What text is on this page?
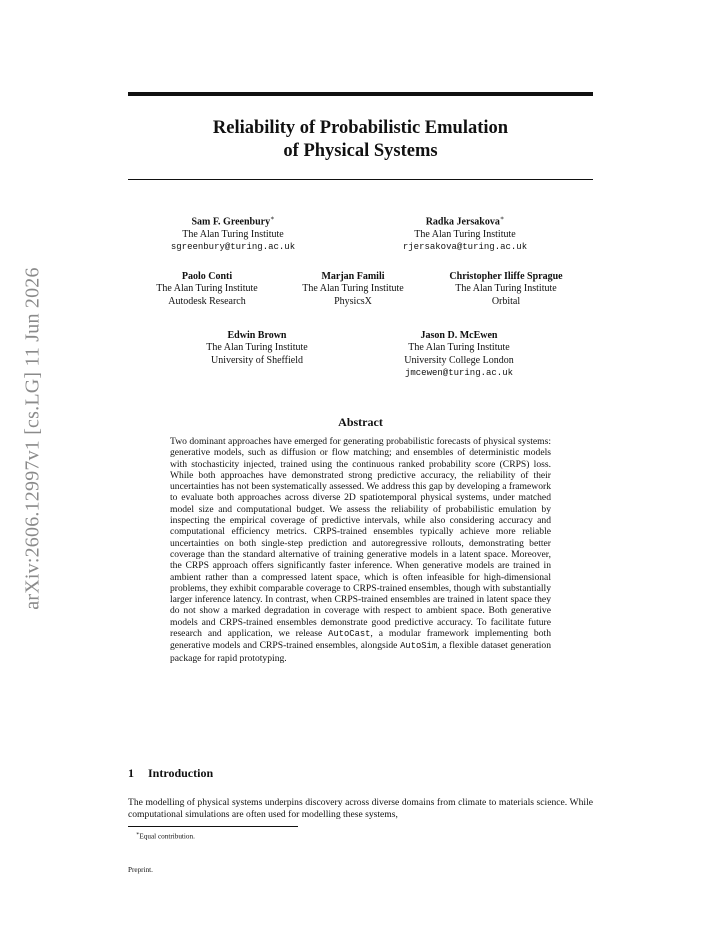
arXiv:2606.12997v1 [cs.LG] 11 Jun 2026
Reliability of Probabilistic Emulation
of Physical Systems
Sam F. Greenbury∗
The Alan Turing Institute
sgreenbury@turing.ac.uk
Radka Jersakova∗
The Alan Turing Institute
rjersakova@turing.ac.uk
Paolo Conti
The Alan Turing Institute
Autodesk Research
Marjan Famili
The Alan Turing Institute
PhysicsX
Christopher Iliffe Sprague
The Alan Turing Institute
Orbital
Edwin Brown
The Alan Turing Institute
University of Sheffield
Jason D. McEwen
The Alan Turing Institute
University College London
jmcewen@turing.ac.uk
Abstract
Two dominant approaches have emerged for generating probabilistic forecasts of physical systems: generative models, such as diffusion or flow matching; and ensembles of deterministic models with stochasticity injected, trained using the continuous ranked probability score (CRPS) loss. While both approaches have demonstrated strong predictive accuracy, the reliability of their uncertainties has not been systematically assessed. We address this gap by developing a framework to evaluate both approaches across diverse 2D spatiotemporal physical systems, under matched model size and computational budget. We assess the reliability of probabilistic emulation by inspecting the empirical coverage of predictive intervals, while also considering accuracy and computational efficiency metrics. CRPS-trained ensembles typically achieve more reliable uncertainties on both single-step prediction and autoregressive rollouts, demonstrating better coverage than the standard alternative of training generative models in a latent space. Moreover, the CRPS approach offers significantly faster inference. When generative models are trained in ambient rather than a compressed latent space, which is often infeasible for high-dimensional problems, they exhibit comparable coverage to CRPS-trained ensembles, though with substantially larger inference latency. In contrast, when CRPS-trained ensembles are trained in latent space they do not show a marked degradation in coverage with respect to ambient space. Both generative models and CRPS-trained ensembles demonstrate good predictive accuracy. To facilitate future research and application, we release AutoCast, a modular framework implementing both generative models and CRPS-trained ensembles, alongside AutoSim, a flexible dataset generation package for rapid prototyping.
1 Introduction
The modelling of physical systems underpins discovery across diverse domains from climate to materials science. While computational simulations are often used for modelling these systems,
∗Equal contribution.
Preprint.
